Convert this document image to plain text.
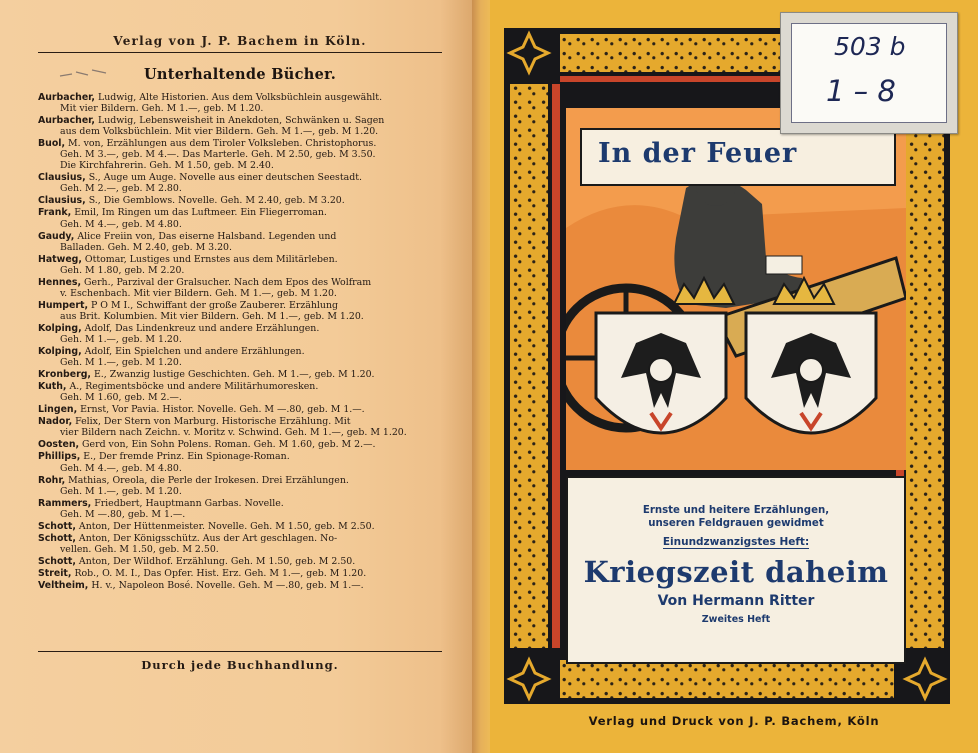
Verlag von J. P. Bachem in Köln.
Unterhaltende Bücher.
Aurbacher, Ludwig, Alte Historien. Aus dem Volksbüchlein ausgewählt.
Mit vier Bildern. Geh. M 1.—, geb. M 1.20.
Aurbacher, Ludwig, Lebensweisheit in Anekdoten, Schwänken u. Sagen
aus dem Volksbüchlein. Mit vier Bildern. Geh. M 1.—, geb. M 1.20.
Buol, M. von, Erzählungen aus dem Tiroler Volksleben. Christophorus.
Geh. M 3.—, geb. M 4.—. Das Marterle. Geh. M 2.50, geb. M 3.50.
Die Kirchfahrerin. Geh. M 1.50, geb. M 2.40.
Clausius, S., Auge um Auge. Novelle aus einer deutschen Seestadt.
Geh. M 2.—, geb. M 2.80.
Clausius, S., Die Gemblows. Novelle. Geh. M 2.40, geb. M 3.20.
Frank, Emil, Im Ringen um das Luftmeer. Ein Fliegerroman.
Geh. M 4.—, geb. M 4.80.
Gaudy, Alice Freiin von, Das eiserne Halsband. Legenden und
Balladen. Geh. M 2.40, geb. M 3.20.
Hatweg, Ottomar, Lustiges und Ernstes aus dem Militärleben.
Geh. M 1.80, geb. M 2.20.
Hennes, Gerh., Parzival der Gralsucher. Nach dem Epos des Wolfram
v. Eschenbach. Mit vier Bildern. Geh. M 1.—, geb. M 1.20.
Humpert, P O M I., Schwiffant der große Zauberer. Erzählung
aus Brit. Kolumbien. Mit vier Bildern. Geh. M 1.—, geb. M 1.20.
Kolping, Adolf, Das Lindenkreuz und andere Erzählungen.
Geh. M 1.—, geb. M 1.20.
Kolping, Adolf, Ein Spielchen und andere Erzählungen.
Geh. M 1.—, geb. M 1.20.
Kronberg, E., Zwanzig lustige Geschichten. Geh. M 1.—, geb. M 1.20.
Kuth, A., Regimentsböcke und andere Militärhumoresken.
Geh. M 1.60, geb. M 2.—.
Lingen, Ernst, Vor Pavia. Histor. Novelle. Geh. M —.80, geb. M 1.—.
Nador, Felix, Der Stern von Marburg. Historische Erzählung. Mit
vier Bildern nach Zeichn. v. Moritz v. Schwind. Geh. M 1.—, geb. M 1.20.
Oosten, Gerd von, Ein Sohn Polens. Roman. Geh. M 1.60, geb. M 2.—.
Phillips, E., Der fremde Prinz. Ein Spionage-Roman.
Geh. M 4.—, geb. M 4.80.
Rohr, Mathias, Oreola, die Perle der Irokesen. Drei Erzählungen.
Geh. M 1.—, geb. M 1.20.
Rammers, Friedbert, Hauptmann Garbas. Novelle.
Geh. M —.80, geb. M 1.—.
Schott, Anton, Der Hüttenmeister. Novelle. Geh. M 1.50, geb. M 2.50.
Schott, Anton, Der Königsschütz. Aus der Art geschlagen. No-
vellen. Geh. M 1.50, geb. M 2.50.
Schott, Anton, Der Wildhof. Erzählung. Geh. M 1.50, geb. M 2.50.
Streit, Rob., O. M. I., Das Opfer. Hist. Erz. Geh. M 1.—, geb. M 1.20.
Veltheim, H. v., Napoleon Bosé. Novelle. Geh. M —.80, geb. M 1.—.
Durch jede Buchhandlung.
In der Feuer
Ernste und heitere Erzählungen,
unseren Feldgrauen gewidmet
Einundzwanzigstes Heft:
Kriegszeit daheim
Von Hermann Ritter
Zweites Heft
Verlag und Druck von J. P. Bachem, Köln
503 b
1 – 8
